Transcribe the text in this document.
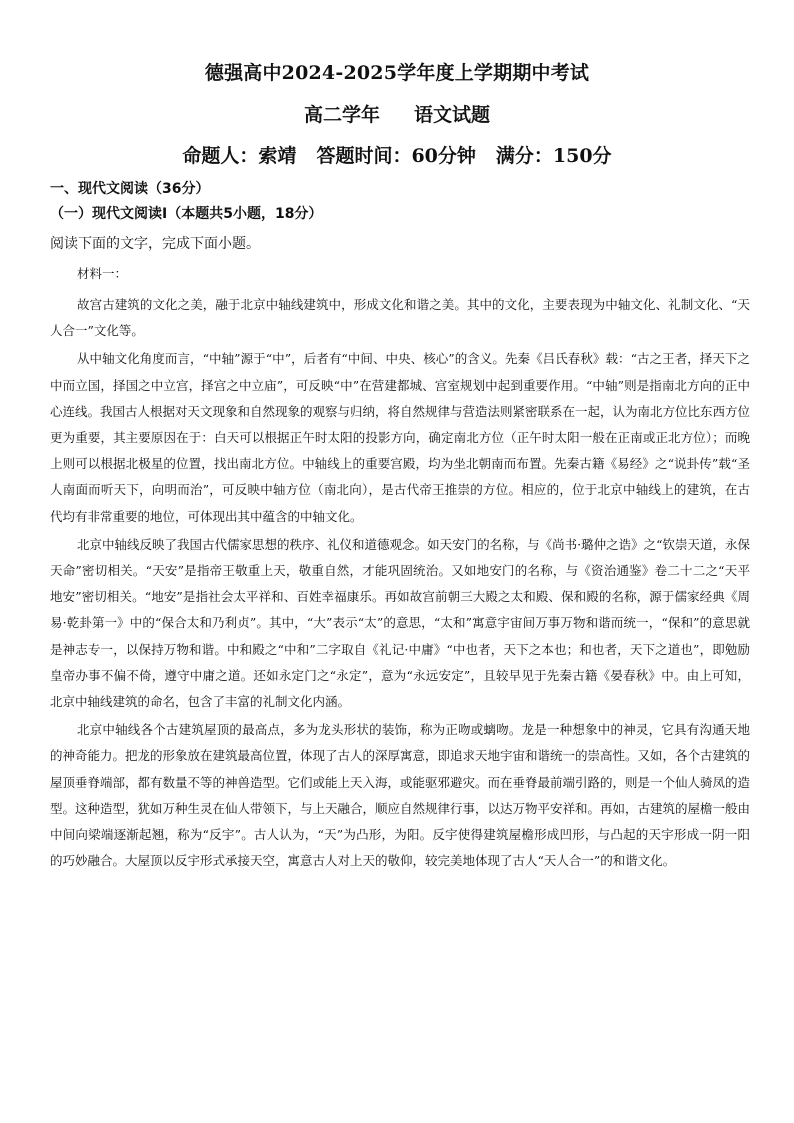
德强高中2024-2025学年度上学期期中考试
高二学年 语文试题
命题人：索靖 答题时间：60分钟 满分：150分
一、现代文阅读（36分）
（一）现代文阅读Ⅰ（本题共5小题，18分）
阅读下面的文字，完成下面小题。
材料一：

故宫古建筑的文化之美，融于北京中轴线建筑中，形成文化和谐之美。其中的文化，主要表现为中轴文化、礼制文化、“天人合一”文化等。

从中轴文化角度而言，“中轴”源于“中”，后者有“中间、中央、核心”的含义。先秦《吕氏春秋》载：“古之王者，择天下之中而立国，择国之中立宫，择宫之中立庙”，可反映“中”在营建都城、宫室规划中起到重要作用。“中轴”则是指南北方向的正中心连线。我国古人根据对天文现象和自然现象的观察与归纳，将自然规律与营造法则紧密联系在一起，认为南北方位比东西方位更为重要，其主要原因在于：白天可以根据正午时太阳的投影方向，确定南北方位（正午时太阳一般在正南或正北方位）；而晚上则可以根据北极星的位置，找出南北方位。中轴线上的重要宫殿，均为坐北朝南而布置。先秦古籍《易经》之“说卦传”载“圣人南面而听天下，向明而治”，可反映中轴方位（南北向），是古代帝王推崇的方位。相应的，位于北京中轴线上的建筑，在古代均有非常重要的地位，可体现出其中蕴含的中轴文化。

北京中轴线反映了我国古代儒家思想的秩序、礼仪和道德观念。如天安门的名称，与《尚书·璐仲之诰》之“钦崇天道，永保天命”密切相关。“天安”是指帝王敬重上天，敬重自然，才能巩固统治。又如地安门的名称，与《资治通鉴》卷二十二之“天平地安”密切相关。“地安”是指社会太平祥和、百姓幸福康乐。再如故宫前朝三大殿之太和殿、保和殿的名称，源于儒家经典《周易·乾卦第一》中的“保合太和乃利贞”。其中，“大”表示“太”的意思，“太和”寓意宇宙间万事万物和谐而统一，“保和”的意思就是神志专一，以保持万物和谐。中和殿之“中和”二字取自《礼记·中庸》“中也者，天下之本也；和也者，天下之道也”，即勉励皇帝办事不偏不倚，遵守中庸之道。还如永定门之“永定”，意为“永远安定”，且较早见于先秦古籍《晏春秋》中。由上可知，北京中轴线建筑的命名，包含了丰富的礼制文化内涵。

北京中轴线各个古建筑屋顶的最高点，多为龙头形状的装饰，称为正吻或螭吻。龙是一种想象中的神灵，它具有沟通天地的神奇能力。把龙的形象放在建筑最高位置，体现了古人的深厚寓意，即追求天地宇宙和谐统一的崇高性。又如，各个古建筑的屋顶垂脊端部，都有数量不等的神兽造型。它们或能上天入海，或能驱邪避灾。而在垂脊最前端引路的，则是一个仙人骑凤的造型。这种造型，犹如万种生灵在仙人带领下，与上天融合，顺应自然规律行事，以达万物平安祥和。再如，古建筑的屋檐一般由中间向梁端逐渐起翘，称为“反宇”。古人认为，“天”为凸形，为阳。反宇使得建筑屋檐形成凹形，与凸起的天宇形成一阴一阳的巧妙融合。大屋顶以反宇形式承接天空，寓意古人对上天的敬仰，较完美地体现了古人“天人合一”的和谐文化。
